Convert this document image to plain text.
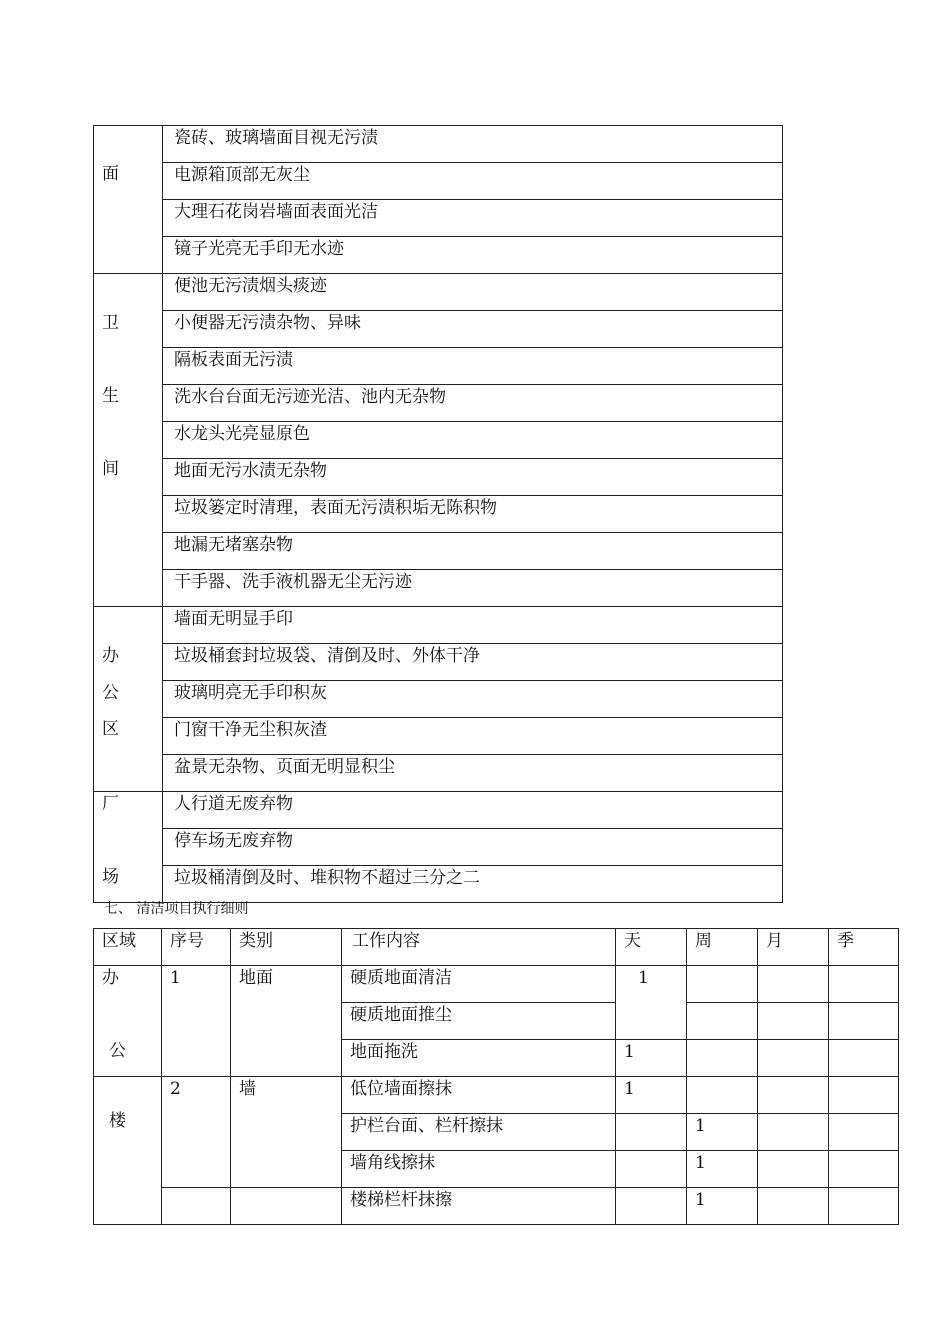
面	瓷砖、玻璃墙面目视无污渍

	电源箱顶部无灰尘

	大理石花岗岩墙面表面光洁

	镜子光亮无手印无水迹

卫
生
间	便池无污渍烟头痰迹

	小便器无污渍杂物、异味

	隔板表面无污渍

	洗水台台面无污迹光洁、池内无杂物

	水龙头光亮显原色

	地面无污水渍无杂物

	垃圾篓定时清理，表面无污渍积垢无陈积物

	地漏无堵塞杂物

	干手器、洗手液机器无尘无污迹

办
公
区	墙面无明显手印

	垃圾桶套封垃圾袋、清倒及时、外体干净

	玻璃明亮无手印积灰

	门窗干净无尘积灰渣

	盆景无杂物、页面无明显积尘

厂
场	人行道无废弃物

	停车场无废弃物

	垃圾桶清倒及时、堆积物不超过三分之二
七、 清洁项目执行细则
区域	序号	类别	工作内容	天	周	月	季

办
公	1	地面	硬质地面清洁	1			

			硬质地面推尘				

			地面拖洗	1			

楼	2	墙	低位墙面擦抹	1			

			护栏台面、栏杆擦抹		1		

			墙角线擦抹		1		

			楼梯栏杆抹擦		1		
